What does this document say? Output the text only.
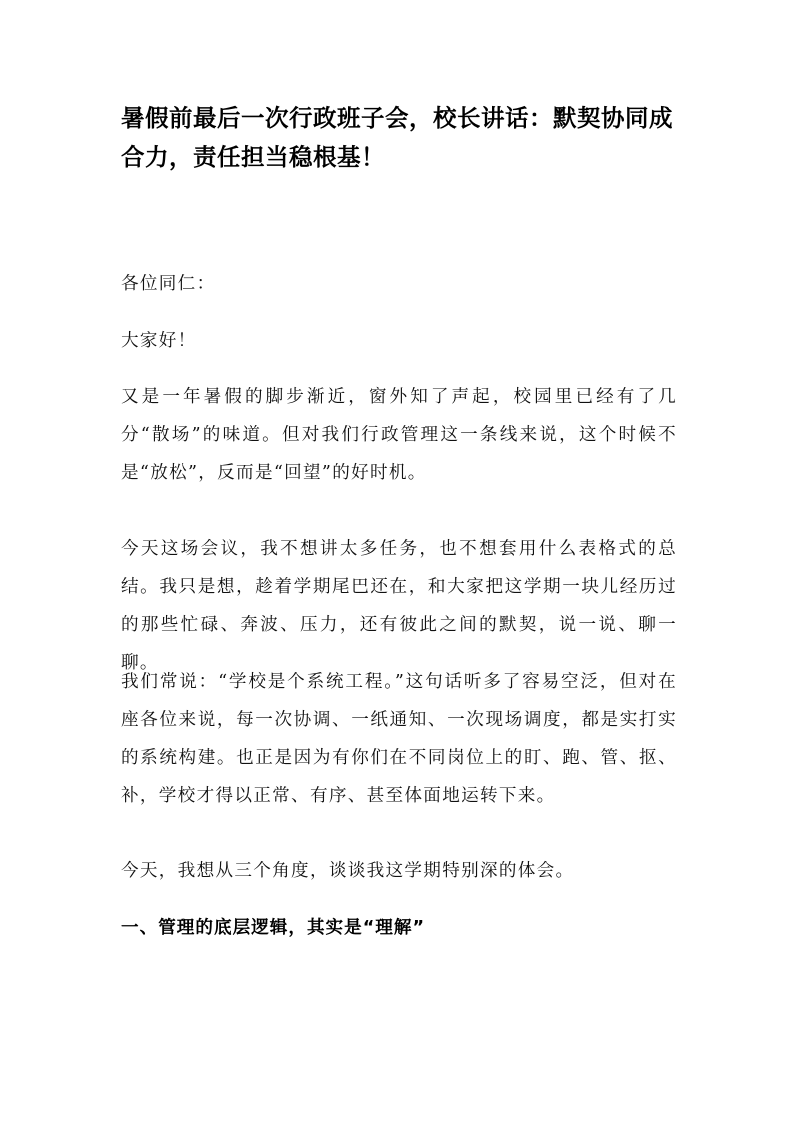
暑假前最后一次行政班子会，校长讲话：默契协同成合力，责任担当稳根基！

各位同仁：

大家好！

又是一年暑假的脚步渐近，窗外知了声起，校园里已经有了几分“散场”的味道。但对我们行政管理这一条线来说，这个时候不是“放松”，反而是“回望”的好时机。

今天这场会议，我不想讲太多任务，也不想套用什么表格式的总结。我只是想，趁着学期尾巴还在，和大家把这学期一块儿经历过的那些忙碌、奔波、压力，还有彼此之间的默契，说一说、聊一聊。

我们常说：“学校是个系统工程。”这句话听多了容易空泛，但对在座各位来说，每一次协调、一纸通知、一次现场调度，都是实打实的系统构建。也正是因为有你们在不同岗位上的盯、跑、管、抠、补，学校才得以正常、有序、甚至体面地运转下来。

今天，我想从三个角度，谈谈我这学期特别深的体会。

一、管理的底层逻辑，其实是“理解”
